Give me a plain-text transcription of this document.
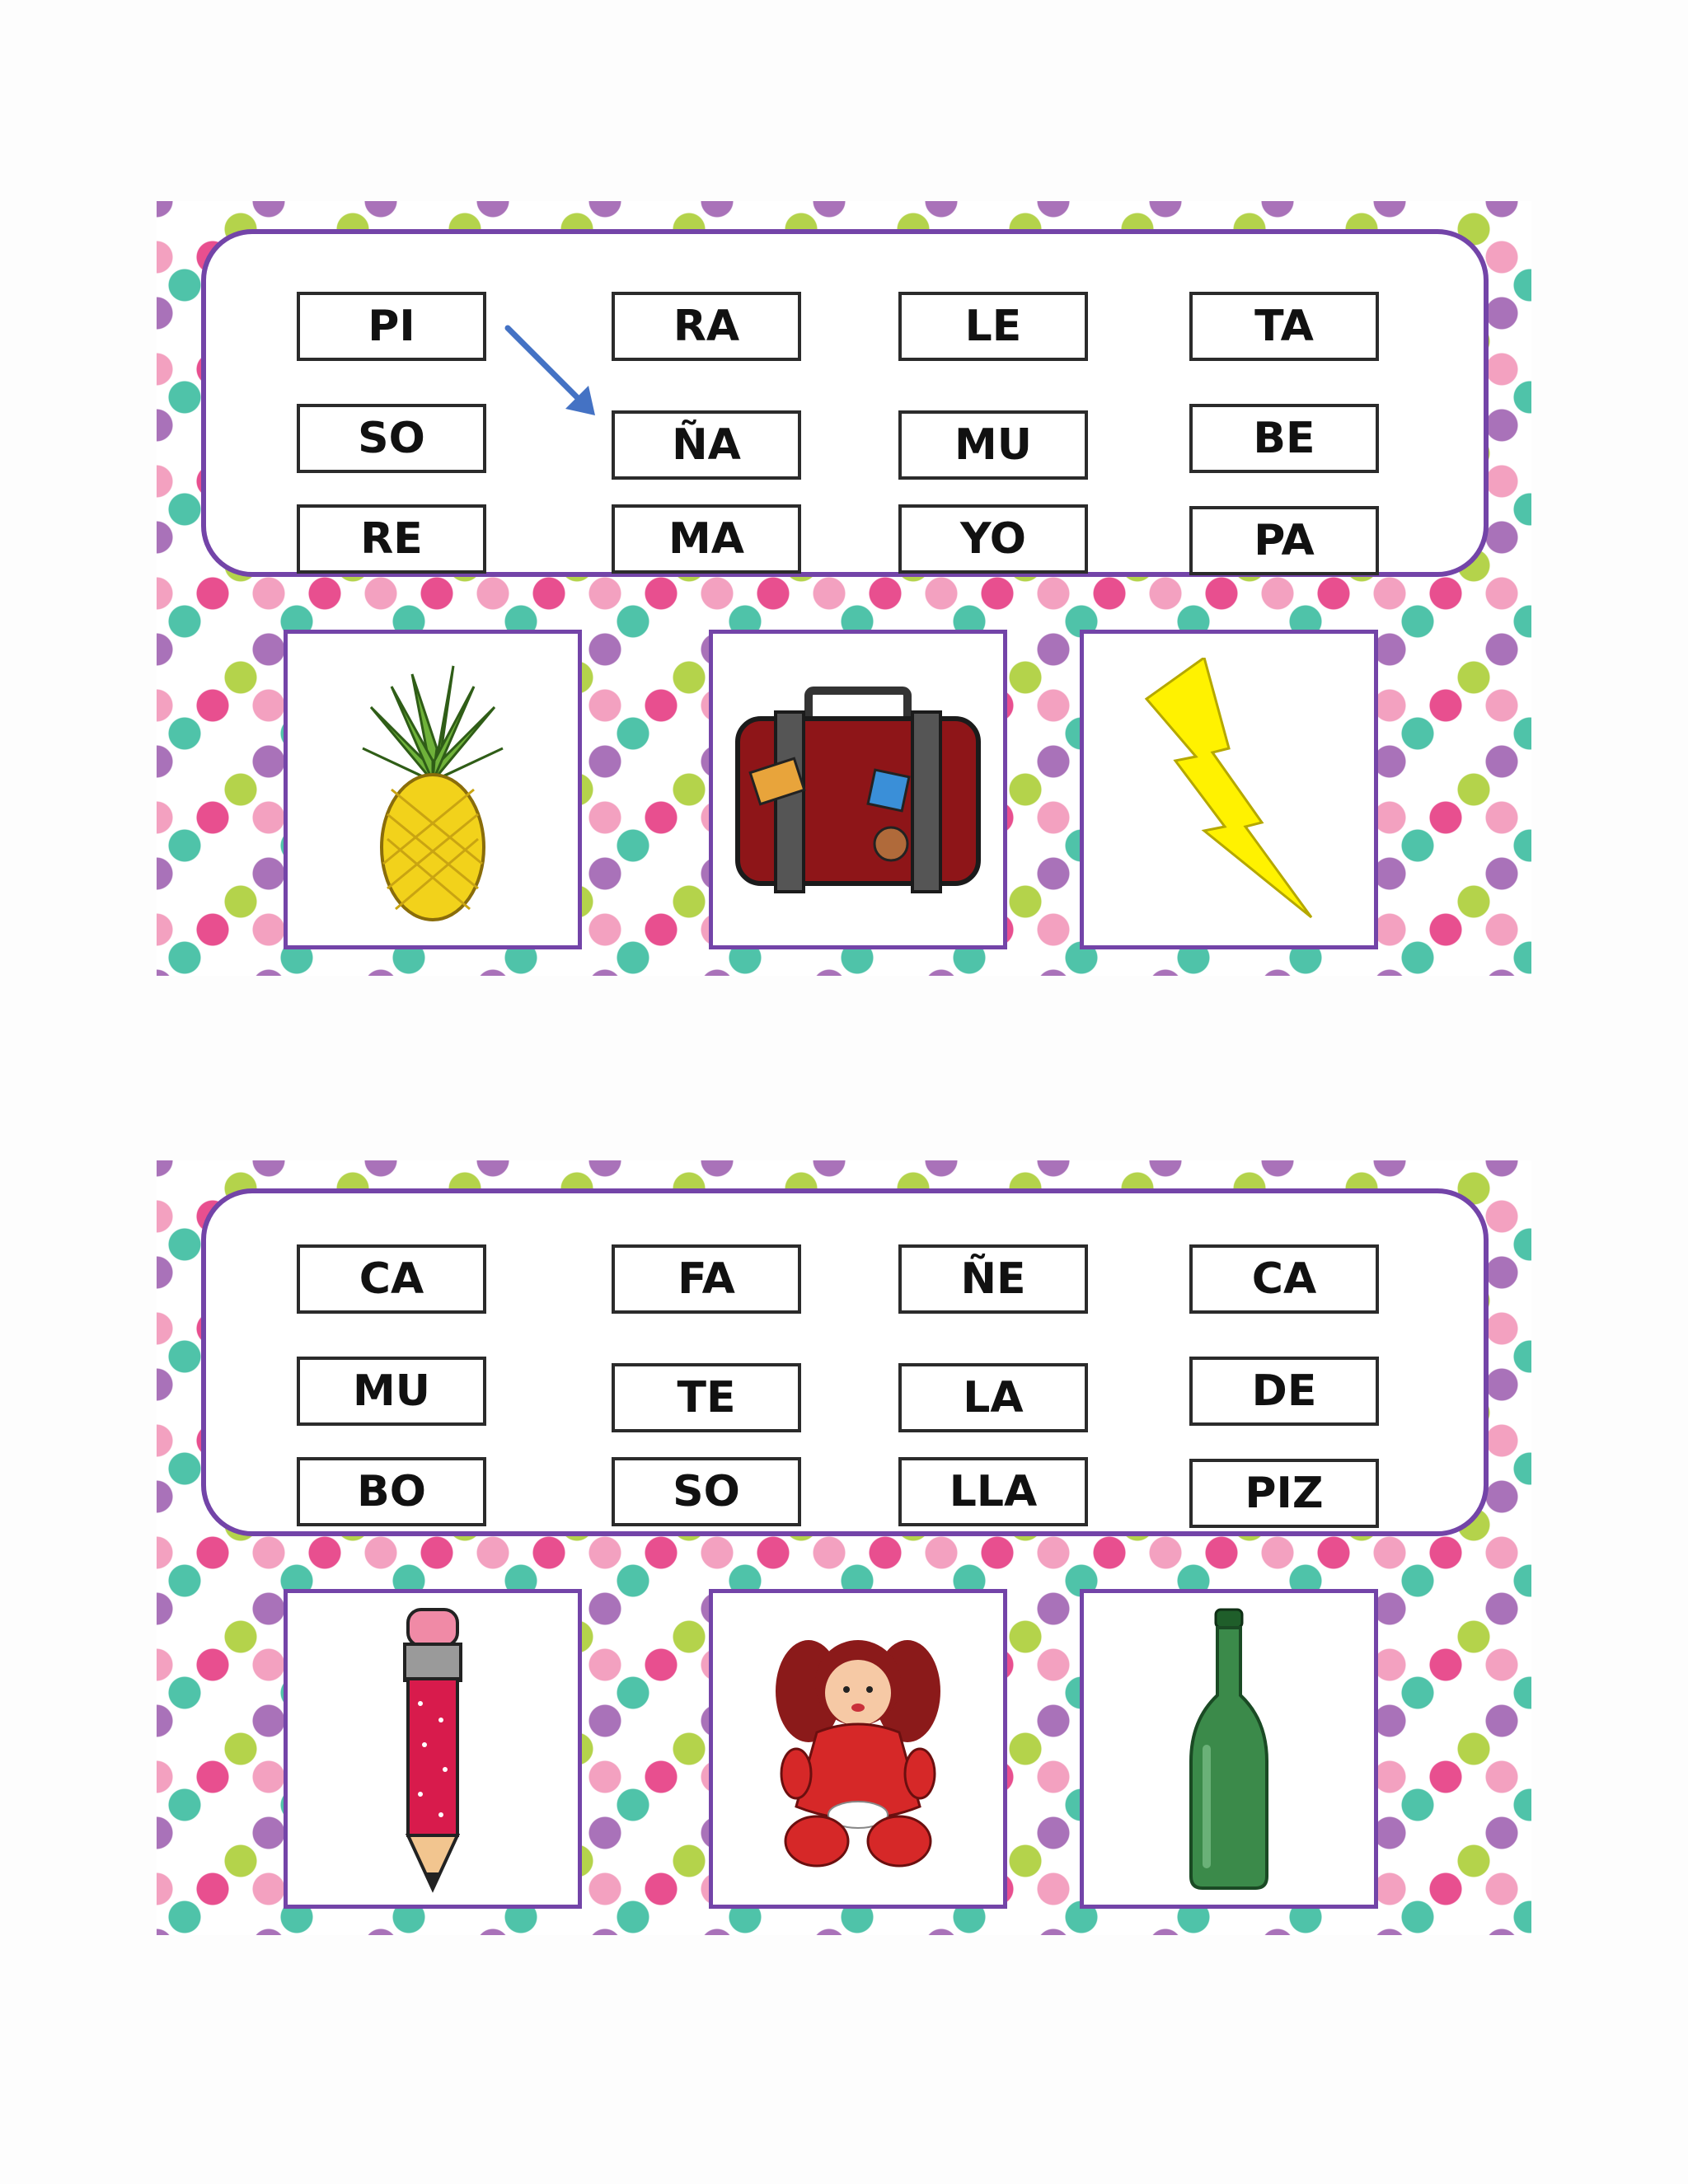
PI	RA	LE	TA
SO	ÑA	MU	BE
RE	MA	YO	PA
CA	FA	ÑE	CA
MU	TE	LA	DE
BO	SO	LLA	PIZ
